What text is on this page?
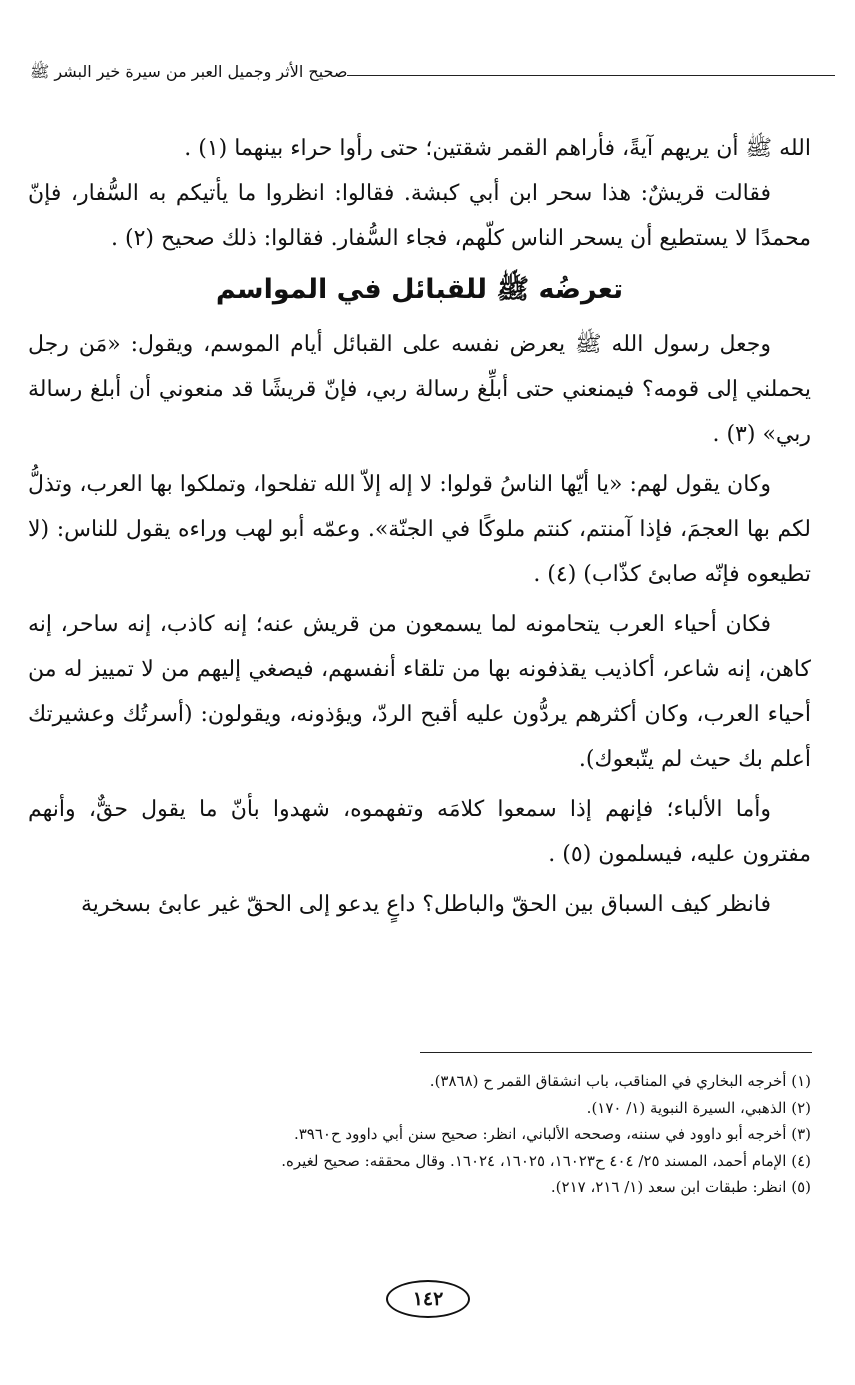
صحيح الأثر وجميل العبر من سيرة خير البشر ﷺ

الله ﷺ أن يريهم آيةً، فأراهم القمر شقتين؛ حتى رأوا حراء بينهما (١) .

فقالت قريشٌ: هذا سحر ابن أبي كبشة. فقالوا: انظروا ما يأتيكم به السُّفار، فإنّ محمدًا لا يستطيع أن يسحر الناس كلّهم، فجاء السُّفار. فقالوا: ذلك صحيح (٢) .

تعرضُه ﷺ للقبائل في المواسم

وجعل رسول الله ﷺ يعرض نفسه على القبائل أيام الموسم، ويقول: «مَن رجل يحملني إلى قومه؟ فيمنعني حتى أبلِّغ رسالة ربي، فإنّ قريشًا قد منعوني أن أبلغ رسالة ربي» (٣) .

وكان يقول لهم: «يا أيّها الناسُ قولوا: لا إله إلاّ الله تفلحوا، وتملكوا بها العرب، وتذلُّ لكم بها العجمَ، فإذا آمنتم، كنتم ملوكًا في الجنّة». وعمّه أبو لهب وراءه يقول للناس: (لا تطيعوه فإنّه صابئ كذّاب) (٤) .

فكان أحياء العرب يتحامونه لما يسمعون من قريش عنه؛ إنه كاذب، إنه ساحر، إنه كاهن، إنه شاعر، أكاذيب يقذفونه بها من تلقاء أنفسهم، فيصغي إليهم من لا تمييز له من أحياء العرب، وكان أكثرهم يردُّون عليه أقبح الردّ، ويؤذونه، ويقولون: (أسرتُك وعشيرتك أعلم بك حيث لم يتّبعوك).

وأما الألباء؛ فإنهم إذا سمعوا كلامَه وتفهموه، شهدوا بأنّ ما يقول حقٌّ، وأنهم مفترون عليه، فيسلمون (٥) .

فانظر كيف السباق بين الحقّ والباطل؟ داعٍ يدعو إلى الحقّ غير عابئ بسخرية

(١) أخرجه البخاري في المناقب، باب انشقاق القمر ح (٣٨٦٨).

(٢) الذهبي، السيرة النبوية (١/ ١٧٠).

(٣) أخرجه أبو داوود في سننه، وصححه الألباني، انظر: صحيح سنن أبي داوود ح٣٩٦٠.

(٤) الإمام أحمد، المسند ٢٥/ ٤٠٤ ح١٦٠٢٣، ١٦٠٢٥، ١٦٠٢٤. وقال محققه: صحيح لغيره.

(٥) انظر: طبقات ابن سعد (١/ ٢١٦، ٢١٧).

١٤٢
